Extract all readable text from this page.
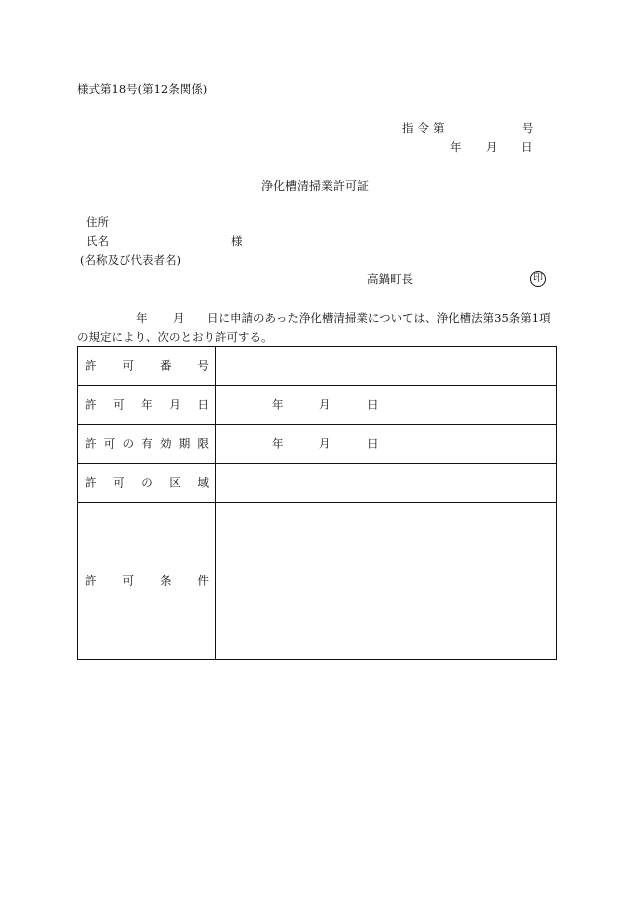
様式第18号(第12条関係)
指令第	号
年 月 日
浄化槽清掃業許可証
住所
氏名	様
(名称及び代表者名)
高鍋町長	印
年 月 日に申請のあった浄化槽清掃業については、浄化槽法第35条第1項
の規定により、次のとおり許可する。
許 可 番 号
許 可 年 月 日	年	月	日
許 可 の 有 効 期 限	年	月	日
許 可 の 区 域
許 可 条 件
